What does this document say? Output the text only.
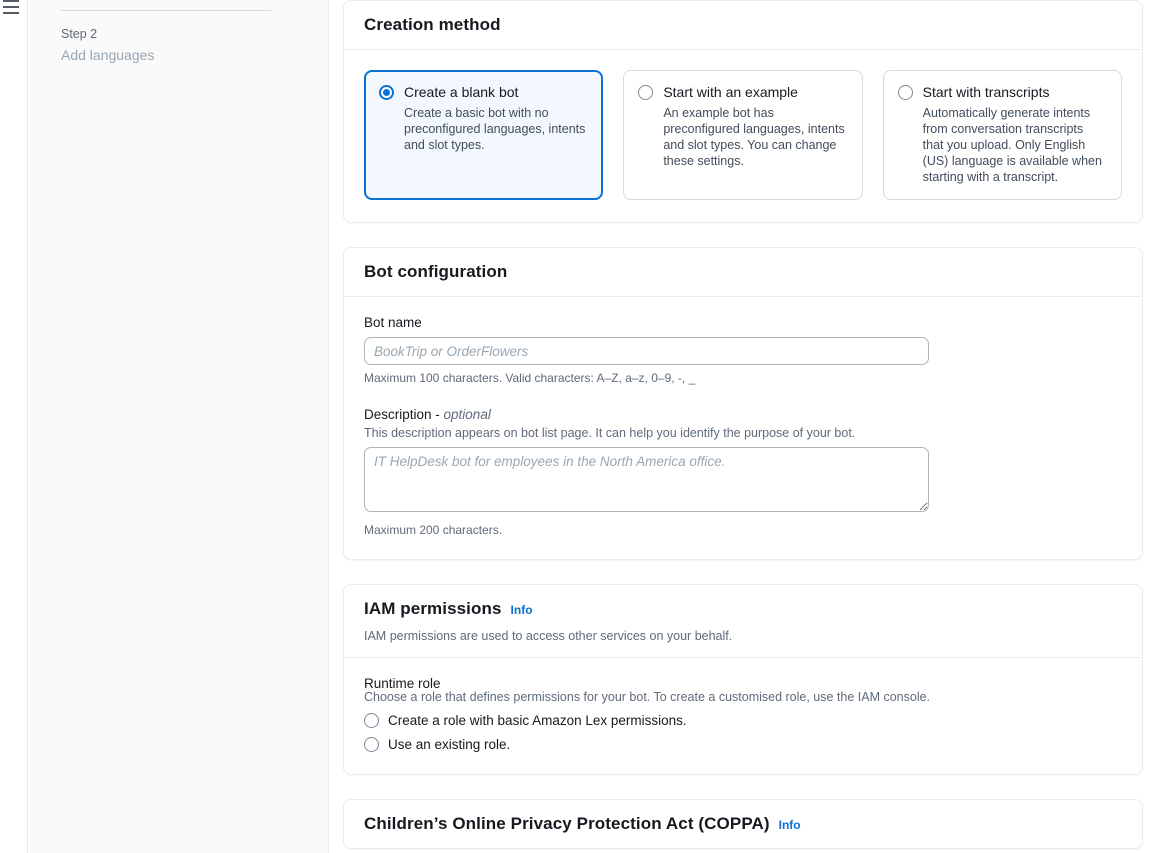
Step 2
Add languages
Creation method
Create a blank bot
Create a basic bot with no preconfigured languages, intents and slot types.
Start with an example
An example bot has preconfigured languages, intents and slot types. You can change these settings.
Start with transcripts
Automatically generate intents from conversation transcripts that you upload. Only English (US) language is available when starting with a transcript.
Bot configuration
Bot name
BookTrip or OrderFlowers
Maximum 100 characters. Valid characters: A–Z, a–z, 0–9, -, _
Description - optional
This description appears on bot list page. It can help you identify the purpose of your bot.
IT HelpDesk bot for employees in the North America office.
Maximum 200 characters.
IAM permissions Info
IAM permissions are used to access other services on your behalf.
Runtime role
Choose a role that defines permissions for your bot. To create a customised role, use the IAM console.
Create a role with basic Amazon Lex permissions.
Use an existing role.
Children’s Online Privacy Protection Act (COPPA) Info
